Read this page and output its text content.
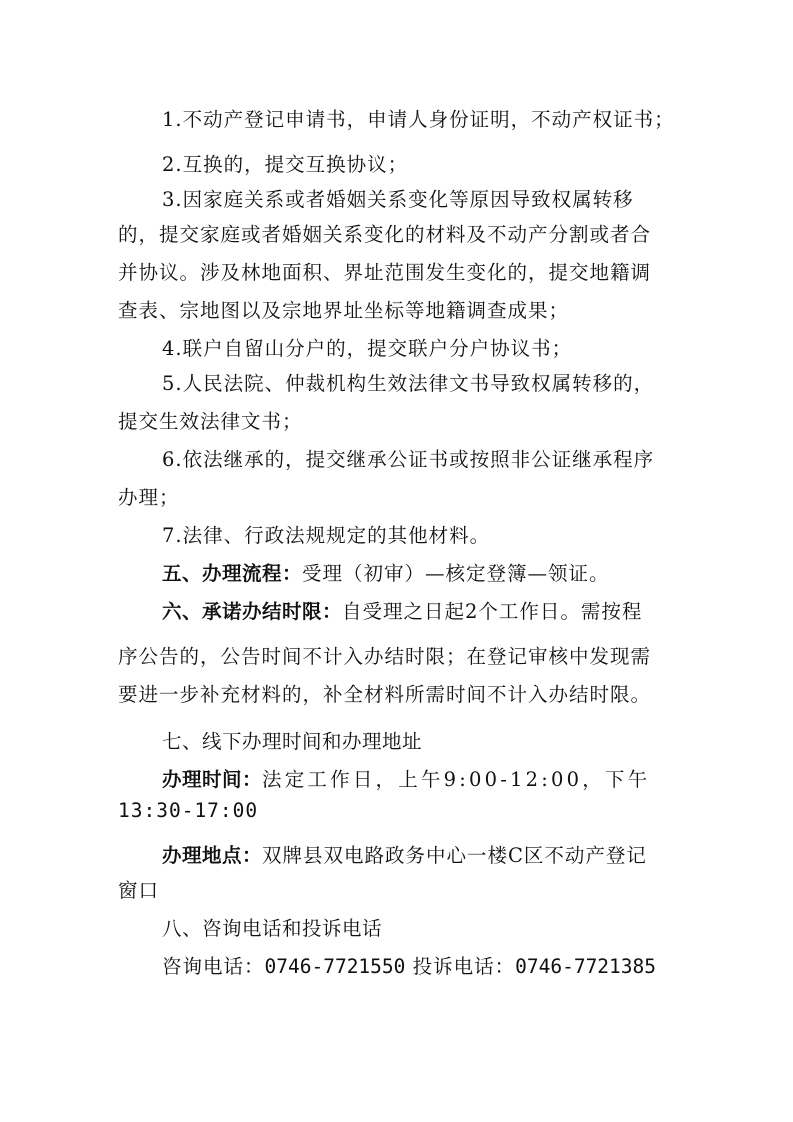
1.不动产登记申请书，申请人身份证明，不动产权证书；
2.互换的，提交互换协议；
3.因家庭关系或者婚姻关系变化等原因导致权属转移
的，提交家庭或者婚姻关系变化的材料及不动产分割或者合
并协议。涉及林地面积、界址范围发生变化的，提交地籍调
查表、宗地图以及宗地界址坐标等地籍调查成果；
4.联户自留山分户的，提交联户分户协议书；
5.人民法院、仲裁机构生效法律文书导致权属转移的，
提交生效法律文书；
6.依法继承的，提交继承公证书或按照非公证继承程序
办理；
7.法律、行政法规规定的其他材料。
五、办理流程：受理（初审）—核定登簿—领证。
六、承诺办结时限：自受理之日起2个工作日。需按程
序公告的，公告时间不计入办结时限；在登记审核中发现需
要进一步补充材料的，补全材料所需时间不计入办结时限。
七、线下办理时间和办理地址
办理时间：法定工作日，上午9:00-12:00，下午
13:30-17:00
办理地点：双牌县双电路政务中心一楼C区不动产登记
窗口
八、咨询电话和投诉电话
咨询电话：0746-7721550 投诉电话：0746-7721385
